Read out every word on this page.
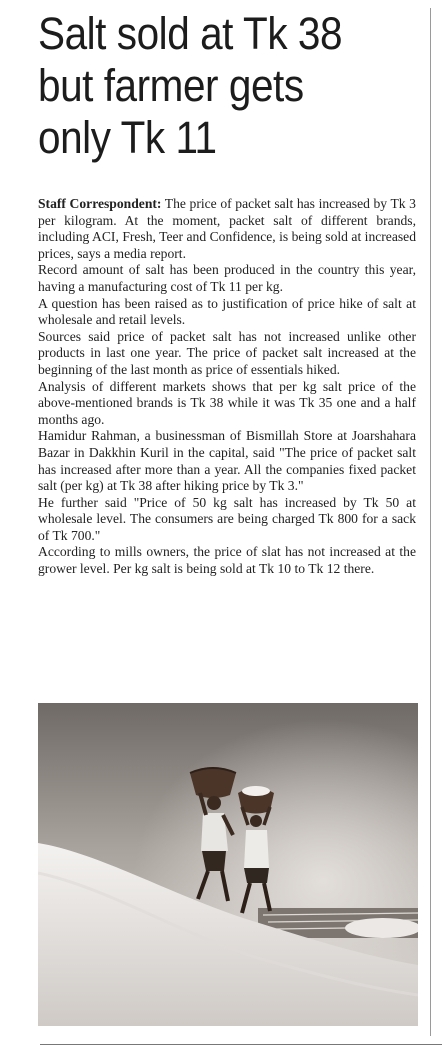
Salt sold at Tk 38
but farmer gets
only Tk 11

Staff Correspondent: The price of packet salt has increased by Tk 3 per kilogram. At the moment, packet salt of different brands, including ACI, Fresh, Teer and Confidence, is being sold at increased prices, says a media report.

Record amount of salt has been produced in the country this year, having a manufacturing cost of Tk 11 per kg.

A question has been raised as to justification of price hike of salt at wholesale and retail levels.

Sources said price of packet salt has not increased unlike other products in last one year. The price of packet salt increased at the beginning of the last month as price of essentials hiked.

Analysis of different markets shows that per kg salt price of the above-mentioned brands is Tk 38 while it was Tk 35 one and a half months ago.

Hamidur Rahman, a businessman of Bismillah Store at Joarshahara Bazar in Dakkhin Kuril in the capital, said "The price of packet salt has increased after more than a year. All the companies fixed packet salt (per kg) at Tk 38 after hiking price by Tk 3."

He further said "Price of 50 kg salt has increased by Tk 50 at wholesale level. The consumers are being charged Tk 800 for a sack of Tk 700."

According to mills owners, the price of slat has not increased at the grower level. Per kg salt is being sold at Tk 10 to Tk 12 there.
